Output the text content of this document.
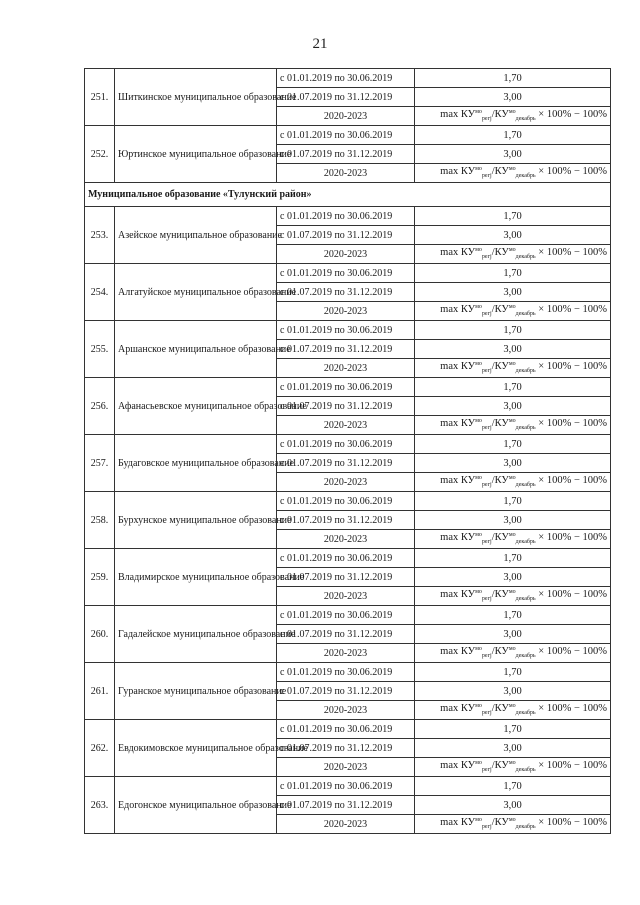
21
251.	Шиткинское муниципальное образование	с 01.01.2019 по 30.06.2019	1,70
		с 01.07.2019 по 31.12.2019	3,00
		2020-2023	$\max КУ^{мо}_{регj}/КУ^{мо}_{декабрь} \times 100\% - 100\%$
252.	Юртинское муниципальное образование	с 01.01.2019 по 30.06.2019	1,70
		с 01.07.2019 по 31.12.2019	3,00
		2020-2023	$\max КУ^{мо}_{регj}/КУ^{мо}_{декабрь} \times 100\% - 100\%$
Муниципальное образование «Тулунский район»			
253.	Азейское муниципальное образование	с 01.01.2019 по 30.06.2019	1,70
		с 01.07.2019 по 31.12.2019	3,00
		2020-2023	$\max КУ^{мо}_{регj}/КУ^{мо}_{декабрь} \times 100\% - 100\%$
254.	Алгатуйское муниципальное образование	с 01.01.2019 по 30.06.2019	1,70
		с 01.07.2019 по 31.12.2019	3,00
		2020-2023	$\max КУ^{мо}_{регj}/КУ^{мо}_{декабрь} \times 100\% - 100\%$
255.	Аршанское муниципальное образование	с 01.01.2019 по 30.06.2019	1,70
		с 01.07.2019 по 31.12.2019	3,00
		2020-2023	$\max КУ^{мо}_{регj}/КУ^{мо}_{декабрь} \times 100\% - 100\%$
256.	Афанасьевское муниципальное образование	с 01.01.2019 по 30.06.2019	1,70
		с 01.07.2019 по 31.12.2019	3,00
		2020-2023	$\max КУ^{мо}_{регj}/КУ^{мо}_{декабрь} \times 100\% - 100\%$
257.	Будаговское муниципальное образование	с 01.01.2019 по 30.06.2019	1,70
		с 01.07.2019 по 31.12.2019	3,00
		2020-2023	$\max КУ^{мо}_{регj}/КУ^{мо}_{декабрь} \times 100\% - 100\%$
258.	Бурхунское муниципальное образование	с 01.01.2019 по 30.06.2019	1,70
		с 01.07.2019 по 31.12.2019	3,00
		2020-2023	$\max КУ^{мо}_{регj}/КУ^{мо}_{декабрь} \times 100\% - 100\%$
259.	Владимирское муниципальное образование	с 01.01.2019 по 30.06.2019	1,70
		с 01.07.2019 по 31.12.2019	3,00
		2020-2023	$\max КУ^{мо}_{регj}/КУ^{мо}_{декабрь} \times 100\% - 100\%$
260.	Гадалейское муниципальное образование	с 01.01.2019 по 30.06.2019	1,70
		с 01.07.2019 по 31.12.2019	3,00
		2020-2023	$\max КУ^{мо}_{регj}/КУ^{мо}_{декабрь} \times 100\% - 100\%$
261.	Гуранское муниципальное образование	с 01.01.2019 по 30.06.2019	1,70
		с 01.07.2019 по 31.12.2019	3,00
		2020-2023	$\max КУ^{мо}_{регj}/КУ^{мо}_{декабрь} \times 100\% - 100\%$
262.	Евдокимовское муниципальное образование	с 01.01.2019 по 30.06.2019	1,70
		с 01.07.2019 по 31.12.2019	3,00
		2020-2023	$\max КУ^{мо}_{регj}/КУ^{мо}_{декабрь} \times 100\% - 100\%$
263.	Едогонское муниципальное образование	с 01.01.2019 по 30.06.2019	1,70
		с 01.07.2019 по 31.12.2019	3,00
		2020-2023	$\max КУ^{мо}_{регj}/КУ^{мо}_{декабрь} \times 100\% - 100\%$
